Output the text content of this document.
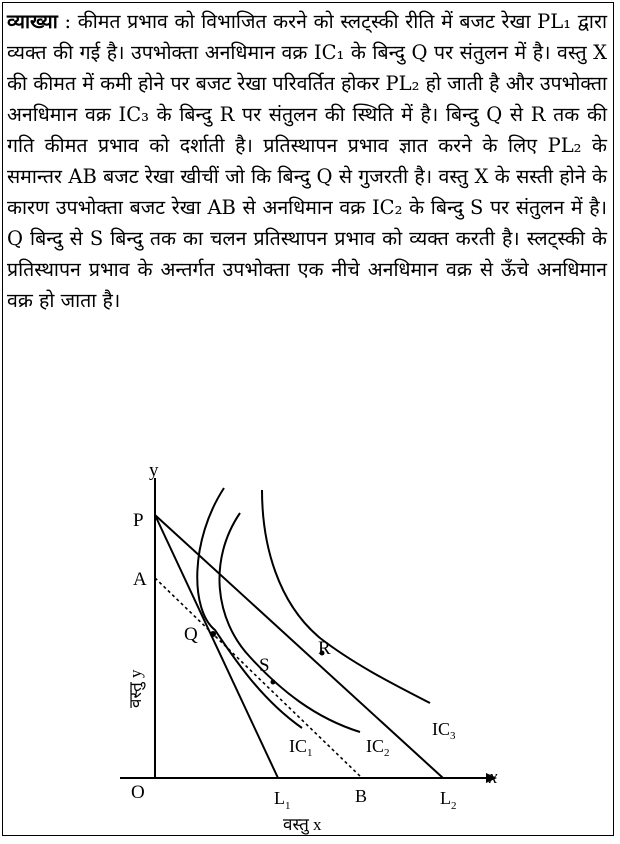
व्याख्या : कीमत प्रभाव को विभाजित करने को स्लट्स्की रीति में बजट रेखा PL₁ द्वारा व्यक्त की गई है। उपभोक्ता अनधिमान वक्र IC₁ के बिन्दु Q पर संतुलन में है। वस्तु X की कीमत में कमी होने पर बजट रेखा परिवर्तित होकर PL₂ हो जाती है और उपभोक्ता अनधिमान वक्र IC₃ के बिन्दु R पर संतुलन की स्थिति में है। बिन्दु Q से R तक की गति कीमत प्रभाव को दर्शाती है। प्रतिस्थापन प्रभाव ज्ञात करने के लिए PL₂ के समान्तर AB बजट रेखा खीचीं जो कि बिन्दु Q से गुजरती है। वस्तु X के सस्ती होने के कारण उपभोक्ता बजट रेखा AB से अनधिमान वक्र IC₂ के बिन्दु S पर संतुलन में है। Q बिन्दु से S बिन्दु तक का चलन प्रतिस्थापन प्रभाव को व्यक्त करती है। स्लट्स्की के प्रतिस्थापन प्रभाव के अन्तर्गत उपभोक्ता एक नीचे अनधिमान वक्र से ऊँचे अनधिमान वक्र हो जाता है।
y
x
O
P
A
Q
S
R
$L_1$	B	$L_2$
$IC_1$	$IC_2$
$IC_3$
वस्तु y
वस्तु x
